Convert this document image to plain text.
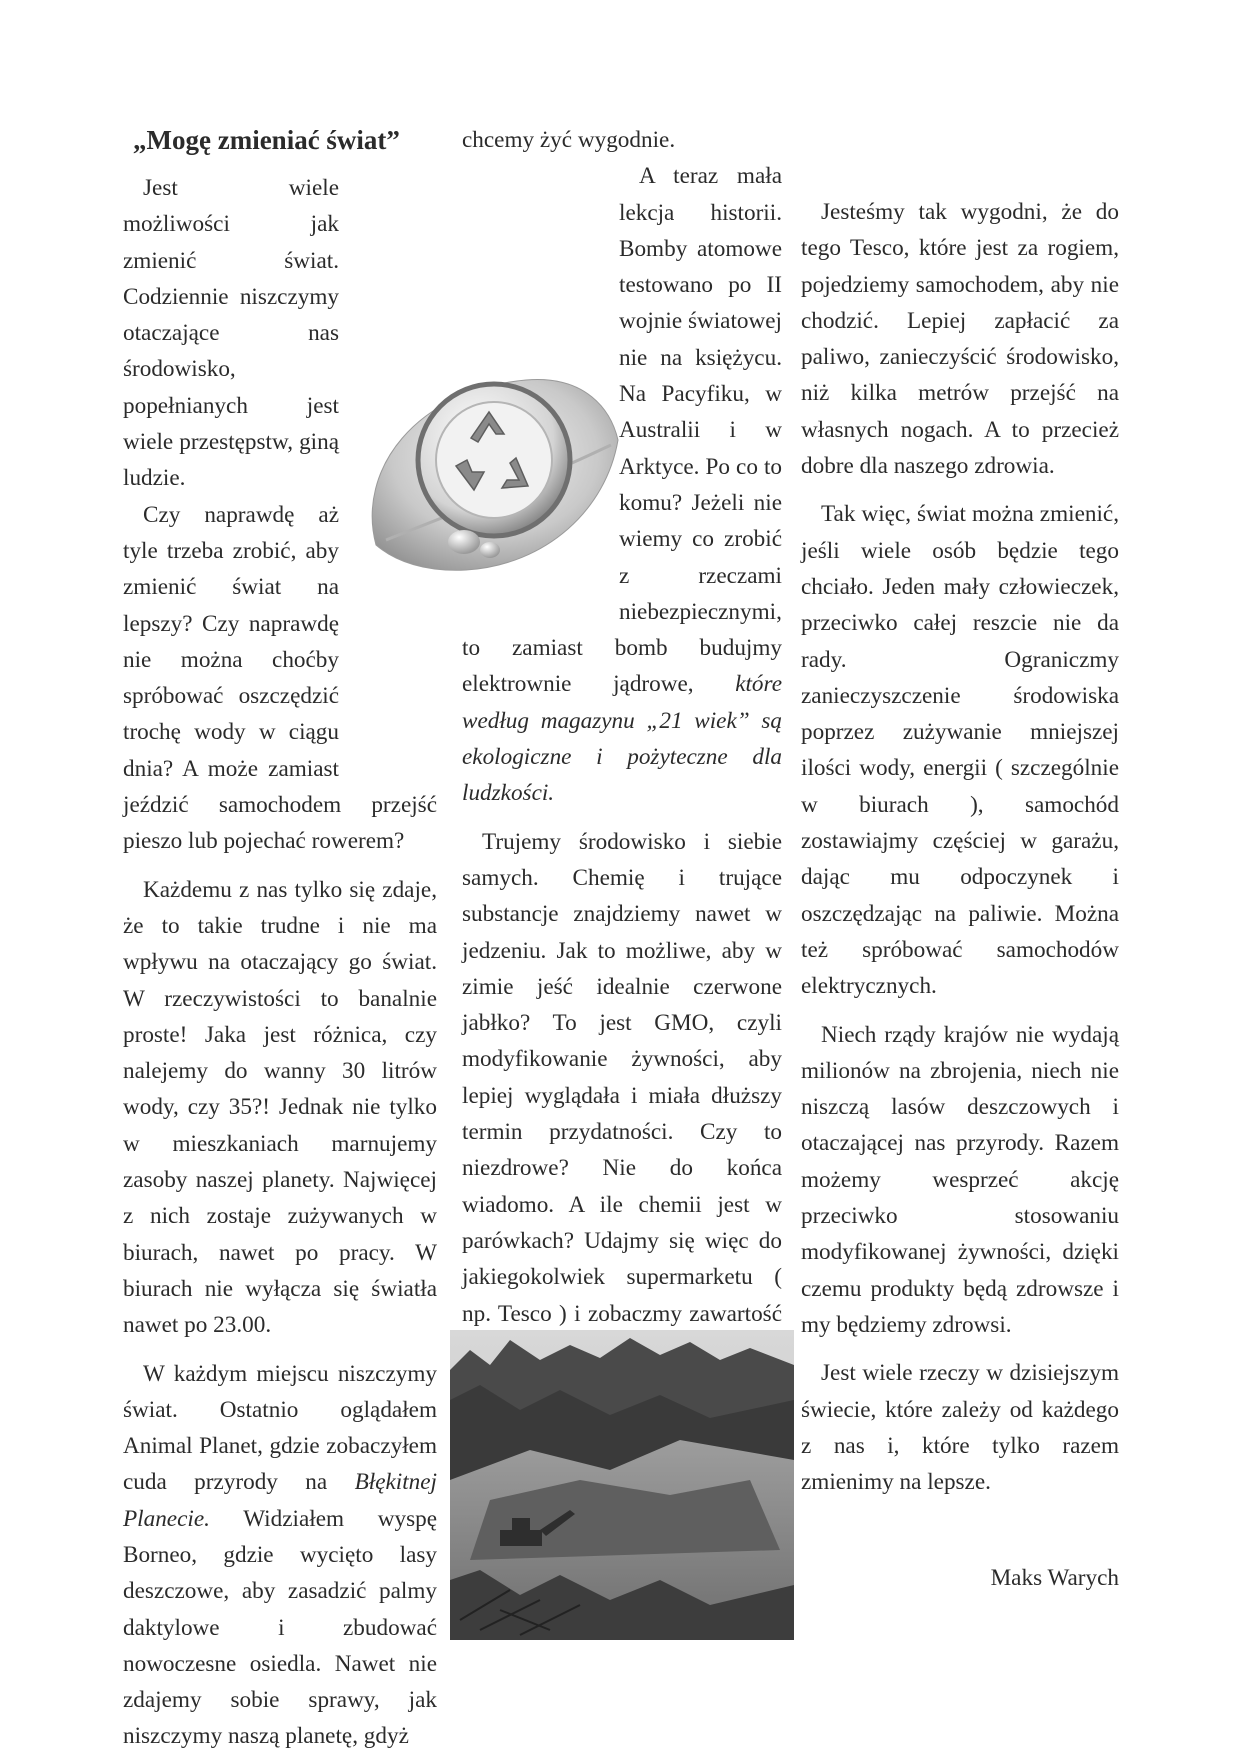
„Mogę zmieniać świat”

Jest wiele możliwości jak zmienić świat. Codziennie niszczymy otaczające nas środowisko, popełnianych jest wiele przestępstw, giną ludzie.

Czy naprawdę aż tyle trzeba zrobić, aby zmienić świat na lepszy? Czy naprawdę nie można choćby spróbować oszczędzić trochę wody w ciągu dnia? A może zamiast jeździć samochodem przejść pieszo lub pojechać rowerem?

Każdemu z nas tylko się zdaje, że to takie trudne i nie ma wpływu na otaczający go świat. W rzeczywistości to banalnie proste! Jaka jest różnica, czy nalejemy do wanny 30 litrów wody, czy 35?! Jednak nie tylko w mieszkaniach marnujemy zasoby naszej planety. Najwięcej z nich zostaje zużywanych w biurach, nawet po pracy. W biurach nie wyłącza się światła nawet po 23.00.

W każdym miejscu niszczymy świat. Ostatnio oglądałem Animal Planet, gdzie zobaczyłem cuda przyrody na Błękitnej Planecie. Widziałem wyspę Borneo, gdzie wycięto lasy deszczowe, aby zasadzić palmy daktylowe i zbudować nowoczesne osiedla. Nawet nie zdajemy sobie sprawy, jak niszczymy naszą planetę, gdyż

chcemy żyć wygodnie.

A teraz mała lekcja historii. Bomby atomowe testowano po II wojnie światowej nie na księżycu. Na Pacyfiku, w Australii i w Arktyce. Po co to komu? Jeżeli nie wiemy co zrobić z rzeczami niebezpiecznymi, to zamiast bomb budujmy elektrownie jądrowe, które według magazynu „21 wiek” są ekologiczne i pożyteczne dla ludzkości.

Trujemy środowisko i siebie samych. Chemię i trujące substancje znajdziemy nawet w jedzeniu. Jak to możliwe, aby w zimie jeść idealnie czerwone jabłko? To jest GMO, czyli modyfikowanie żywności, aby lepiej wyglądała i miała dłuższy termin przydatności. Czy to niezdrowe? Nie do końca wiadomo. A ile chemii jest w parówkach? Udajmy się więc do jakiegokolwiek supermarketu ( np. Tesco ) i zobaczmy zawartość

Jesteśmy tak wygodni, że do tego Tesco, które jest za rogiem, pojedziemy samochodem, aby nie chodzić. Lepiej zapłacić za paliwo, zanieczyścić środowisko, niż kilka metrów przejść na własnych nogach. A to przecież dobre dla naszego zdrowia.

Tak więc, świat można zmienić, jeśli wiele osób będzie tego chciało. Jeden mały człowieczek, przeciwko całej reszcie nie da rady. Ograniczmy zanieczyszczenie środowiska poprzez zużywanie mniejszej ilości wody, energii ( szczególnie w biurach ), samochód zostawiajmy częściej w garażu, dając mu odpoczynek i oszczędzając na paliwie. Można też spróbować samochodów elektrycznych.

Niech rządy krajów nie wydają milionów na zbrojenia, niech nie niszczą lasów deszczowych i otaczającej nas przyrody. Razem możemy wesprzeć akcję przeciwko stosowaniu modyfikowanej żywności, dzięki czemu produkty będą zdrowsze i my będziemy zdrowsi.

Jest wiele rzeczy w dzisiejszym świecie, które zależy od każdego z nas i, które tylko razem zmienimy na lepsze.

Maks Warych
